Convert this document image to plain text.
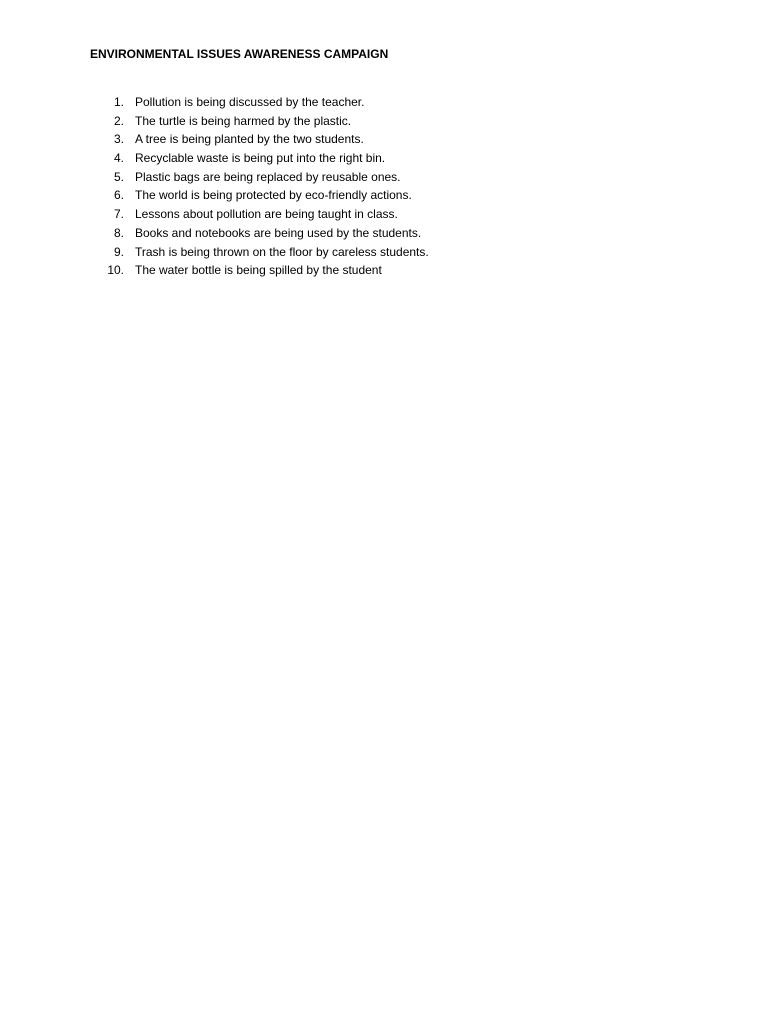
ENVIRONMENTAL ISSUES AWARENESS CAMPAIGN
1. Pollution is being discussed by the teacher.
2. The turtle is being harmed by the plastic.
3. A tree is being planted by the two students.
4. Recyclable waste is being put into the right bin.
5. Plastic bags are being replaced by reusable ones.
6. The world is being protected by eco-friendly actions.
7. Lessons about pollution are being taught in class.
8. Books and notebooks are being used by the students.
9. Trash is being thrown on the floor by careless students.
10. The water bottle is being spilled by the student
